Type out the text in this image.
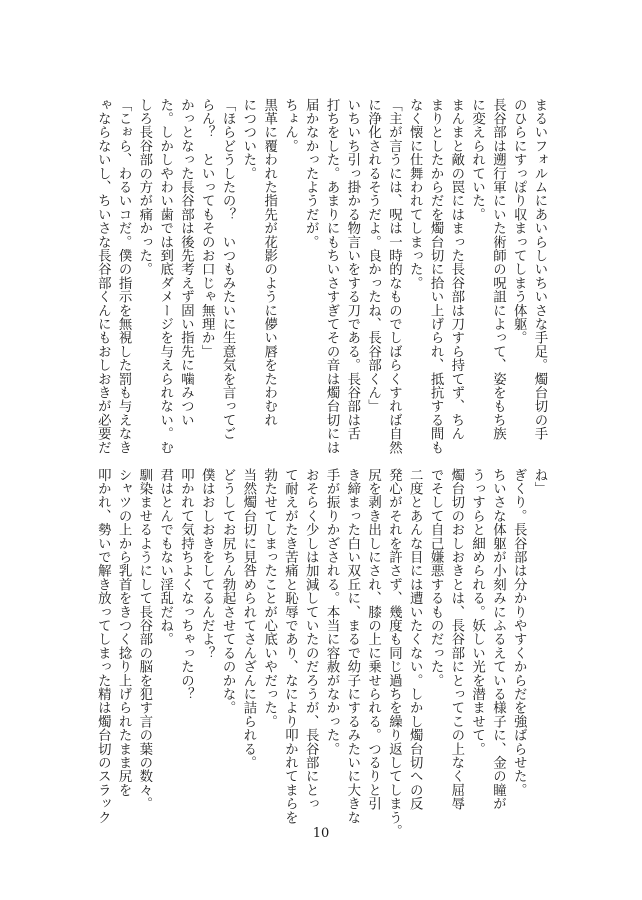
まるいフォルムにあいらしいちいさな手足。燭台切の手
のひらにすっぽり収まってしまう体躯。
長谷部は遡行軍にいた術師の呪詛によって、姿をもち族
に変えられていた。
まんまと敵の罠にはまった長谷部は刀すら持てず、ちん
まりとしたからだを燭台切に拾い上げられ、抵抗する間も
なく懐に仕舞われてしまった。
「主が言うには、呪は一時的なものでしばらくすれば自然
に浄化されるそうだよ。良かったね、長谷部くん」
いちいち引っ掛かる物言いをする刀である。長谷部は舌
打ちをした。あまりにもちいさすぎてその音は燭台切には
届かなかったようだが。
ちょん。
黒革に覆われた指先が花影のように儚い唇をたわむれ
につついた。
「ほらどうしたの？　いつもみたいに生意気を言ってご
らん？　といってもそのお口じゃ無理か」
かっとなった長谷部は後先考えず固い指先に噛みつい
た。しかしやわい歯では到底ダメージを与えられない。む
しろ長谷部の方が痛かった。
「こぉら、わるいコだ。僕の指示を無視した罰も与えなき
ゃならないし、ちいさな長谷部くんにもおしおきが必要だ
ね」
ぎくり。長谷部は分かりやすくからだを強ばらせた。
ちいさな体躯が小刻みにふるえている様子に、金の瞳が
うっすらと細められる。妖しい光を潜ませて。
燭台切のおしおきとは、長谷部にとってこの上なく屈辱
でそして自己嫌悪するものだった。
二度とあんな目には遭いたくない。しかし燭台切への反
発心がそれを許さず、幾度も同じ過ちを繰り返してしまう。
尻を剥き出しにされ、膝の上に乗せられる。つるりと引
き締まった白い双丘に、まるで幼子にするみたいに大きな
手が振りかざされる。本当に容赦がなかった。
おそらく少しは加減していたのだろうが、長谷部にとっ
て耐えがたき苦痛と恥辱であり、なにより叩かれてまらを
勃たせてしまったことが心底いやだった。
当然燭台切に見咎められてさんざんに詰られる。
どうしてお尻ちん勃起させてるのかな。
僕はおしおきをしてるんだよ？
叩かれて気持ちよくなっちゃったの？
君はとんでもない淫乱だね。
馴染ませるようにして長谷部の脳を犯す言の葉の数々。
シャツの上から乳首をきつく捻り上げられたまま尻を
叩かれ、勢いで解き放ってしまった精は燭台切のスラック
10
